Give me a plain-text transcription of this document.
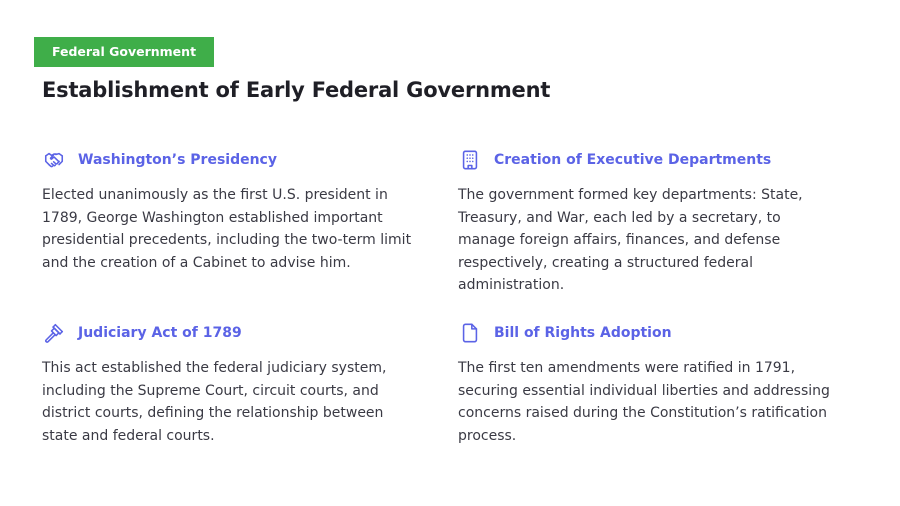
Federal Government
Establishment of Early Federal Government
Washington’s Presidency
Elected unanimously as the first U.S. president in 1789, George Washington established important presidential precedents, including the two-term limit and the creation of a Cabinet to advise him.
Creation of Executive Departments
The government formed key departments: State, Treasury, and War, each led by a secretary, to manage foreign affairs, finances, and defense respectively, creating a structured federal administration.
Judiciary Act of 1789
This act established the federal judiciary system, including the Supreme Court, circuit courts, and district courts, defining the relationship between state and federal courts.
Bill of Rights Adoption
The first ten amendments were ratified in 1791, securing essential individual liberties and addressing concerns raised during the Constitution’s ratification process.
